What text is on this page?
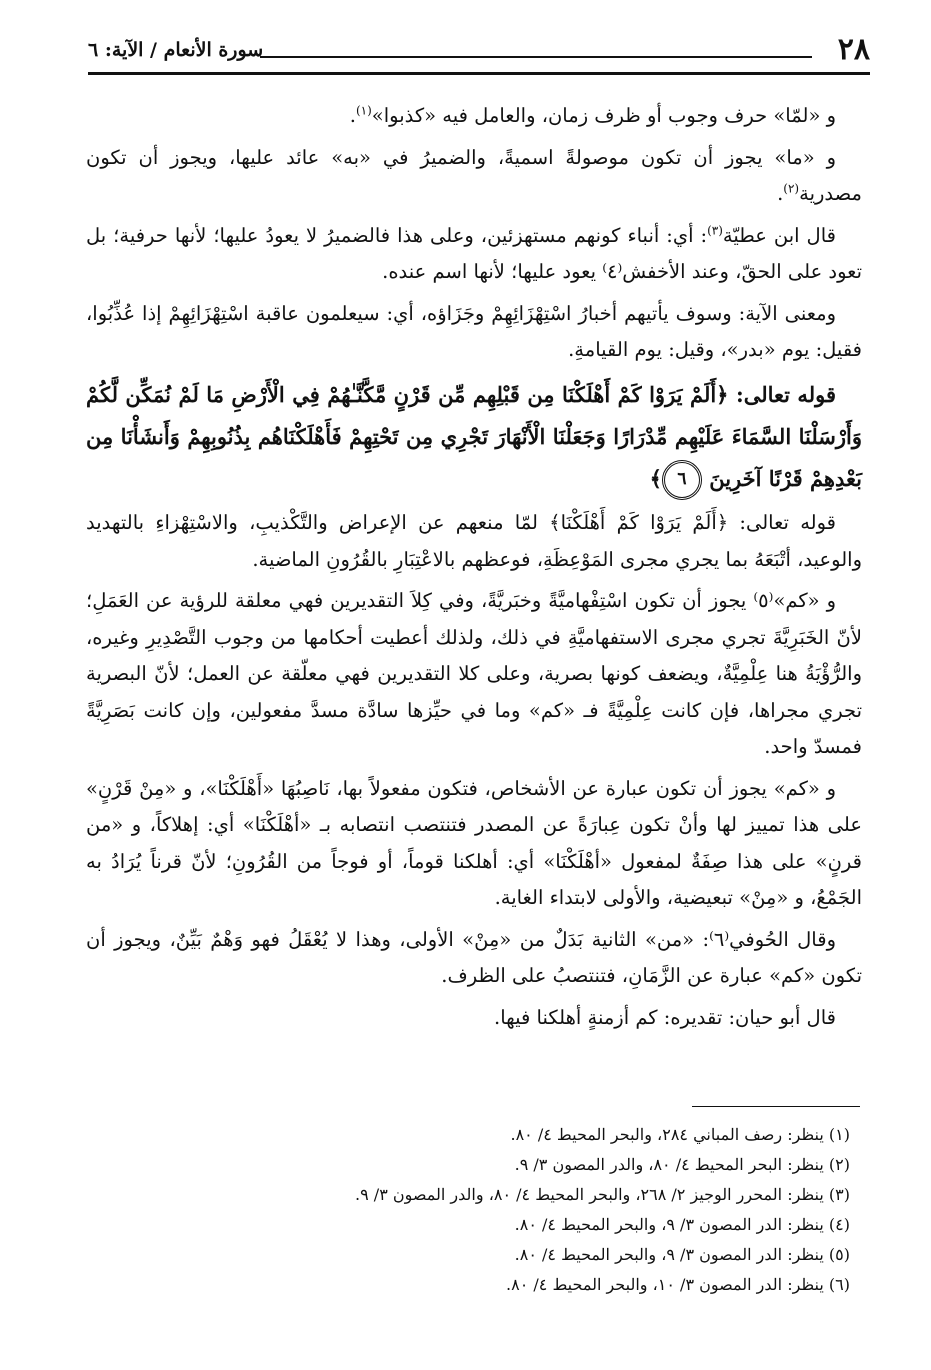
٢٨
سورة الأنعام / الآية: ٦

و «لمّا» حرف وجوب أو ظرف زمان، والعامل فيه «كذبوا»$^{(١)}$.

و «ما» يجوز أن تكون موصولةً اسميةً، والضميرُ في «به» عائد عليها، ويجوز أن تكون مصدرية$^{(٢)}$.

قال ابن عطيّة$^{(٣)}$: أي: أنباء كونهم مستهزئين، وعلى هذا فالضميرُ لا يعودُ عليها؛ لأنها حرفية؛ بل تعود على الحقّ، وعند الأخفش⁽٤⁾ يعود عليها؛ لأنها اسم عنده.

ومعنى الآية: وسوف يأتيهم أخبارُ اسْتِهْزَائِهِمْ وجَزَاؤه، أي: سيعلمون عاقبة اسْتِهْزَائِهِمْ إذا عُذِّبُوا، فقيل: يوم «بدر»، وقيل: يوم القيامةِ.

قوله تعالى: ﴿أَلَمْ يَرَوْا كَمْ أَهْلَكْنَا مِن قَبْلِهِم مِّن قَرْنٍ مَّكَّنَّـٰهُمْ فِي الْأَرْضِ مَا لَمْ نُمَكِّن لَّكُمْ وَأَرْسَلْنَا السَّمَاءَ عَلَيْهِم مِّدْرَارًا وَجَعَلْنَا الْأَنْهَارَ تَجْرِي مِن تَحْتِهِمْ فَأَهْلَكْنَاهُم بِذُنُوبِهِمْ وَأَنشَأْنَا مِن بَعْدِهِمْ قَرْنًا آخَرِينَ ٦﴾

قوله تعالى: ﴿أَلَمْ يَرَوْا كَمْ أَهْلَكْنَا﴾ لمّا منعهم عن الإعراض والتَّكْذيبِ، والاسْتِهْزاءِ بالتهديد والوعيد، أتْبَعَهُ بما يجري مجرى المَوْعِظَةِ، فوعظهم بالاعْتِبَارِ بالقُرُونِ الماضية.

و «كم»⁽٥⁾ يجوز أن تكون اسْتِفْهاميَّةً وخبَريَّةً، وفي كِلاَ التقديرين فهي معلقة للرؤية عن العَمَلِ؛ لأنّ الخَبَرِيَّةَ تجري مجرى الاستفهاميَّةِ في ذلك، ولذلك أعطيت أحكامها من وجوب التَّصْدِيرِ وغيره، والرُّؤْيَةُ هنا عِلْمِيَّةٌ، ويضعف كونها بصرية، وعلى كلا التقديرين فهي معلّقة عن العمل؛ لأنّ البصرية تجري مجراها، فإن كانت عِلْمِيَّةً فـ «كم» وما في حيِّزها سادَّة مسدَّ مفعولين، وإن كانت بَصَرِيَّةً فمسدّ واحد.

و «كم» يجوز أن تكون عبارة عن الأشخاص، فتكون مفعولاً بها، نَاصِبُهَا «أَهْلَكْنَا»، و «مِنْ قَرْنٍ» على هذا تمييز لها وأنْ تكون عِبارَةً عن المصدر فتنتصب انتصابه بـ «أهْلَكْنَا» أي: إهلاكاً، و «من قرنٍ» على هذا صِفَةٌ لمفعول «أهْلَكْنَا» أي: أهلكنا قوماً، أو فوجاً من القُرُونِ؛ لأنّ قرناً يُرَادُ به الجَمْعُ، و «مِنْ» تبعيضية، والأولى لابتداء الغاية.

وقال الحُوفي⁽٦⁾: «من» الثانية بَدَلٌ من «مِنْ» الأولى، وهذا لا يُعْقَلُ فهو وَهْمٌ بَيِّنٌ، ويجوز أن تكون «كم» عبارة عن الزَّمَانِ، فتنتصبُ على الظرف.

قال أبو حيان: تقديره: كم أزمنةٍ أهلكنا فيها.

(١) ينظر: رصف المباني ٢٨٤، والبحر المحيط ٤/ ٨٠.
(٢) ينظر: البحر المحيط ٤/ ٨٠، والدر المصون ٣/ ٩.
(٣) ينظر: المحرر الوجيز ٢/ ٢٦٨، والبحر المحيط ٤/ ٨٠، والدر المصون ٣/ ٩.
(٤) ينظر: الدر المصون ٣/ ٩، والبحر المحيط ٤/ ٨٠.
(٥) ينظر: الدر المصون ٣/ ٩، والبحر المحيط ٤/ ٨٠.
(٦) ينظر: الدر المصون ٣/ ١٠، والبحر المحيط ٤/ ٨٠.
